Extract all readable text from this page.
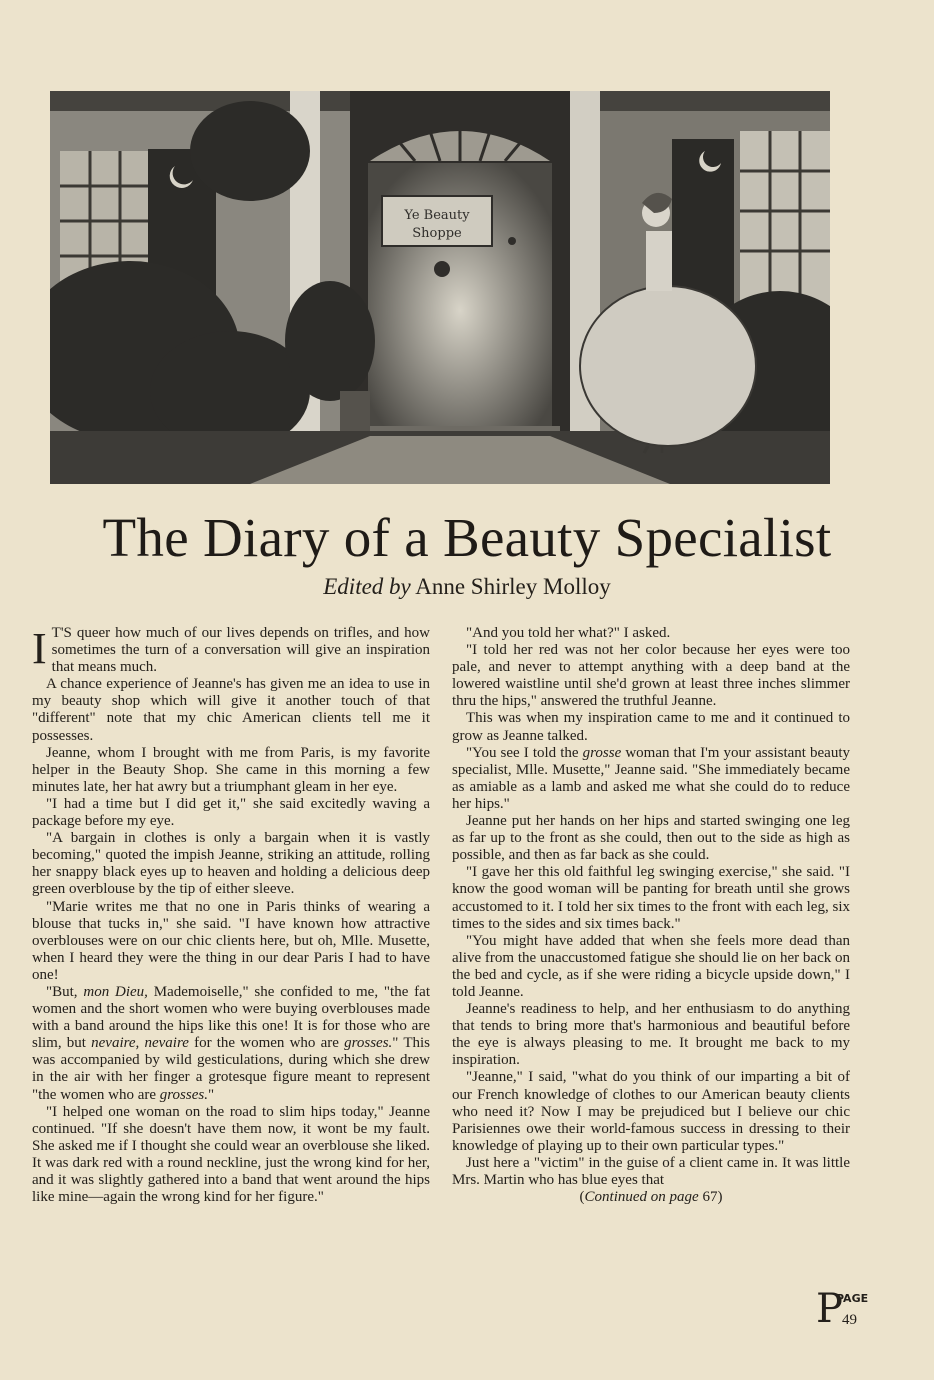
Ye Beauty
Shoppe
The Diary of a Beauty Specialist
Edited by Anne Shirley Molloy

I T'S queer how much of our lives depends on trifles, and how sometimes the turn of a conversation will give an inspiration that means much.

A chance experience of Jeanne's has given me an idea to use in my beauty shop which will give it another touch of that "different" note that my chic American clients tell me it possesses.

Jeanne, whom I brought with me from Paris, is my favorite helper in the Beauty Shop. She came in this morning a few minutes late, her hat awry but a triumphant gleam in her eye.

"I had a time but I did get it," she said excitedly waving a package before my eye.

"A bargain in clothes is only a bargain when it is vastly becoming," quoted the impish Jeanne, striking an attitude, rolling her snappy black eyes up to heaven and holding a delicious deep green overblouse by the tip of either sleeve.

"Marie writes me that no one in Paris thinks of wearing a blouse that tucks in," she said. "I have known how attractive overblouses were on our chic clients here, but oh, Mlle. Musette, when I heard they were the thing in our dear Paris I had to have one!

"But, mon Dieu, Mademoiselle," she confided to me, "the fat women and the short women who were buying overblouses made with a band around the hips like this one! It is for those who are slim, but nevaire, nevaire for the women who are grosses." This was accompanied by wild gesticulations, during which she drew in the air with her finger a grotesque figure meant to represent "the women who are grosses."

"I helped one woman on the road to slim hips today," Jeanne continued. "If she doesn't have them now, it wont be my fault. She asked me if I thought she could wear an overblouse she liked. It was dark red with a round neckline, just the wrong kind for her, and it was slightly gathered into a band that went around the hips like mine—again the wrong kind for her figure."

"And you told her what?" I asked.

"I told her red was not her color because her eyes were too pale, and never to attempt anything with a deep band at the lowered waistline until she'd grown at least three inches slimmer thru the hips," answered the truthful Jeanne.

This was when my inspiration came to me and it continued to grow as Jeanne talked.

"You see I told the grosse woman that I'm your assistant beauty specialist, Mlle. Musette," Jeanne said. "She immediately became as amiable as a lamb and asked me what she could do to reduce her hips."

Jeanne put her hands on her hips and started swinging one leg as far up to the front as she could, then out to the side as high as possible, and then as far back as she could.

"I gave her this old faithful leg swinging exercise," she said. "I know the good woman will be panting for breath until she grows accustomed to it. I told her six times to the front with each leg, six times to the sides and six times back."

"You might have added that when she feels more dead than alive from the unaccustomed fatigue she should lie on her back on the bed and cycle, as if she were riding a bicycle upside down," I told Jeanne.

Jeanne's readiness to help, and her enthusiasm to do anything that tends to bring more that's harmonious and beautiful before the eye is always pleasing to me. It brought me back to my inspiration.

"Jeanne," I said, "what do you think of our imparting a bit of our French knowledge of clothes to our American beauty clients who need it? Now I may be prejudiced but I believe our chic Parisiennes owe their world-famous success in dressing to their knowledge of playing up to their own particular types."

Just here a "victim" in the guise of a client came in. It was little Mrs. Martin who has blue eyes that

(Continued on page 67)

P
PAGE
49
